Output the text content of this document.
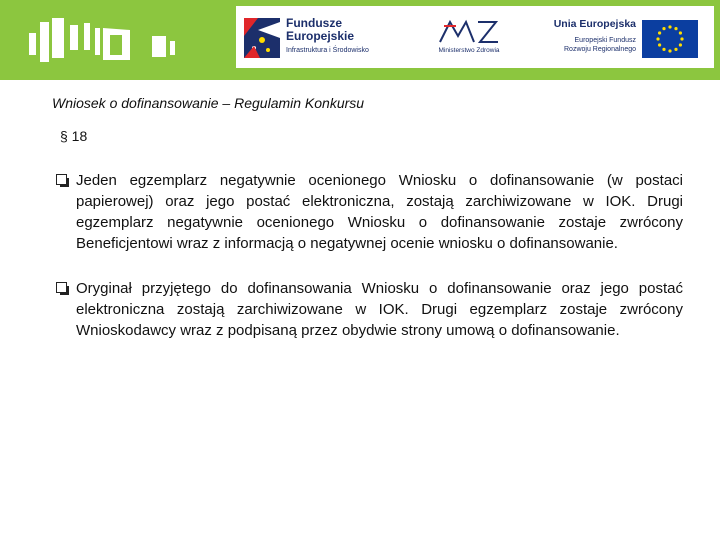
Fundusze
Europejskie
Infrastruktura i Środowisko	Ministerstwo Zdrowia
Unia Europejska
Europejski Fundusz
Rozwoju Regionalnego
Wniosek o dofinansowanie – Regulamin Konkursu
§ 18
Jeden egzemplarz negatywnie ocenionego Wniosku o dofinansowanie (w postaci papierowej) oraz jego postać elektroniczna, zostają zarchiwizowane w IOK. Drugi egzemplarz negatywnie ocenionego Wniosku o dofinansowanie zostaje zwrócony Beneficjentowi wraz z informacją o negatywnej ocenie wniosku o dofinansowanie.
Oryginał przyjętego do dofinansowania Wniosku o dofinansowanie oraz jego postać elektroniczna zostają zarchiwizowane w IOK. Drugi egzemplarz zostaje zwrócony Wnioskodawcy wraz z podpisaną przez obydwie strony umową o dofinansowanie.
